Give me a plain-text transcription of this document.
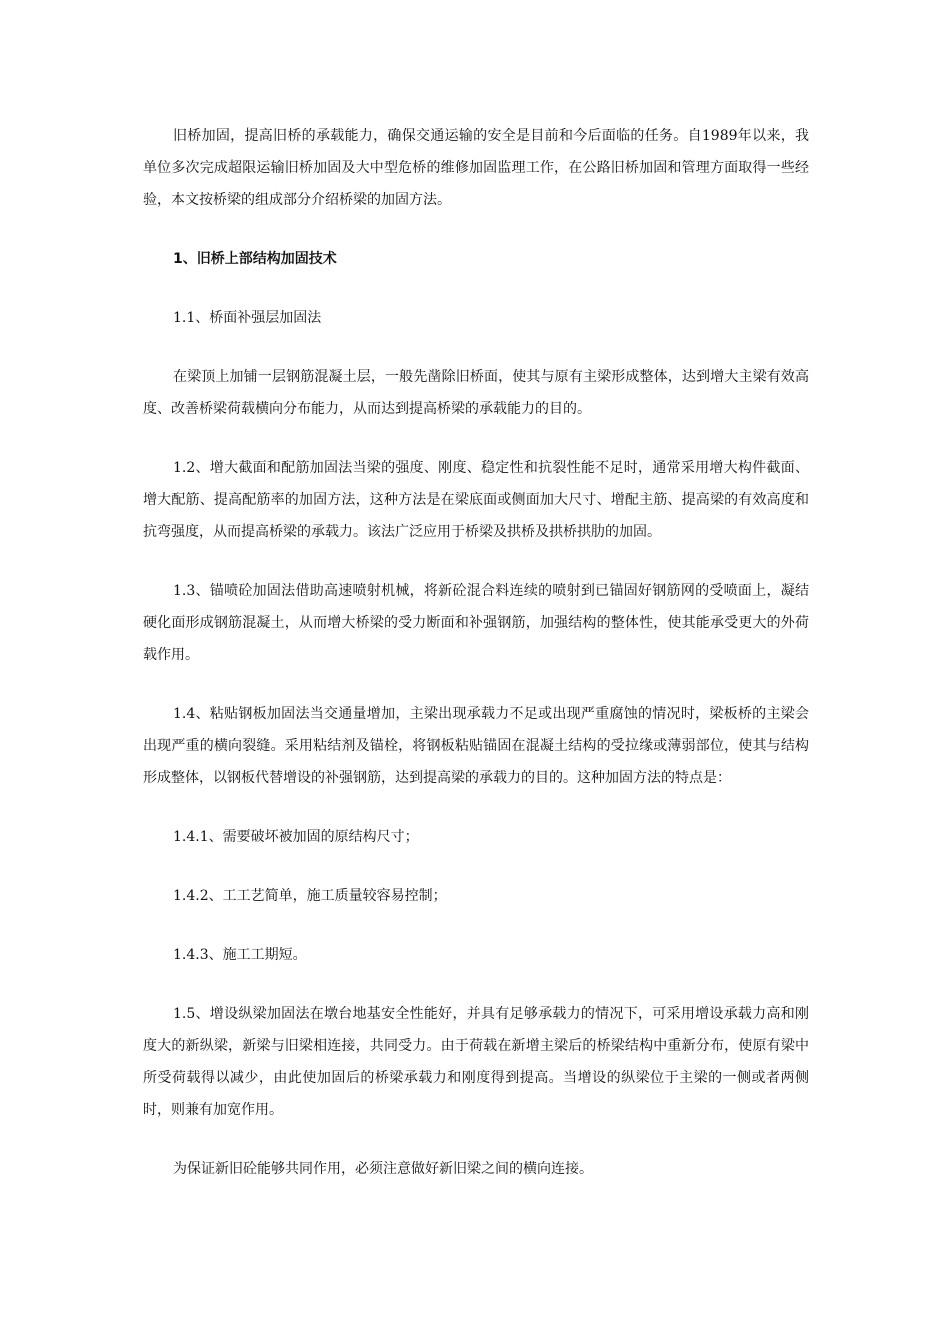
旧桥加固，提高旧桥的承载能力，确保交通运输的安全是目前和今后面临的任务。自1989年以来，我单位多次完成超限运输旧桥加固及大中型危桥的维修加固监理工作，在公路旧桥加固和管理方面取得一些经验，本文按桥梁的组成部分介绍桥梁的加固方法。

1、旧桥上部结构加固技术

1.1、桥面补强层加固法

在梁顶上加铺一层钢筋混凝土层，一般先凿除旧桥面，使其与原有主梁形成整体，达到增大主梁有效高度、改善桥梁荷载横向分布能力，从而达到提高桥梁的承载能力的目的。

1.2、增大截面和配筋加固法当梁的强度、刚度、稳定性和抗裂性能不足时，通常采用增大构件截面、增大配筋、提高配筋率的加固方法，这种方法是在梁底面或侧面加大尺寸、增配主筋、提高梁的有效高度和抗弯强度，从而提高桥梁的承载力。该法广泛应用于桥梁及拱桥及拱桥拱肋的加固。

1.3、锚喷砼加固法借助高速喷射机械，将新砼混合料连续的喷射到已锚固好钢筋网的受喷面上，凝结硬化面形成钢筋混凝土，从而增大桥梁的受力断面和补强钢筋，加强结构的整体性，使其能承受更大的外荷载作用。

1.4、粘贴钢板加固法当交通量增加，主梁出现承载力不足或出现严重腐蚀的情况时，梁板桥的主梁会出现严重的横向裂缝。采用粘结剂及锚栓，将钢板粘贴锚固在混凝土结构的受拉缘或薄弱部位，使其与结构形成整体，以钢板代替增设的补强钢筋，达到提高梁的承载力的目的。这种加固方法的特点是：

1.4.1、需要破坏被加固的原结构尺寸；

1.4.2、工工艺简单，施工质量较容易控制；

1.4.3、施工工期短。

1.5、增设纵梁加固法在墩台地基安全性能好，并具有足够承载力的情况下，可采用增设承载力高和刚度大的新纵梁，新梁与旧梁相连接，共同受力。由于荷载在新增主梁后的桥梁结构中重新分布，使原有梁中所受荷载得以减少，由此使加固后的桥梁承载力和刚度得到提高。当增设的纵梁位于主梁的一侧或者两侧时，则兼有加宽作用。

为保证新旧砼能够共同作用，必须注意做好新旧梁之间的横向连接。
